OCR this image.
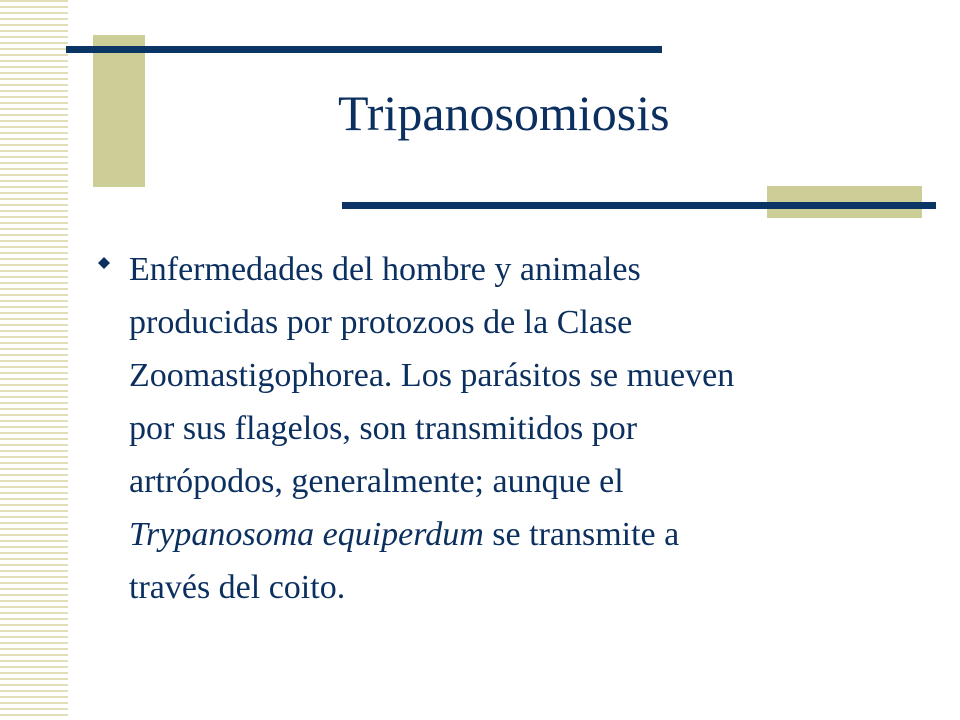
Tripanosomiosis

Enfermedades del hombre y animales
producidas por protozoos de la Clase
Zoomastigophorea. Los parásitos se mueven
por sus flagelos, son transmitidos por
artrópodos, generalmente; aunque el
Trypanosoma equiperdum se transmite a
través del coito.
